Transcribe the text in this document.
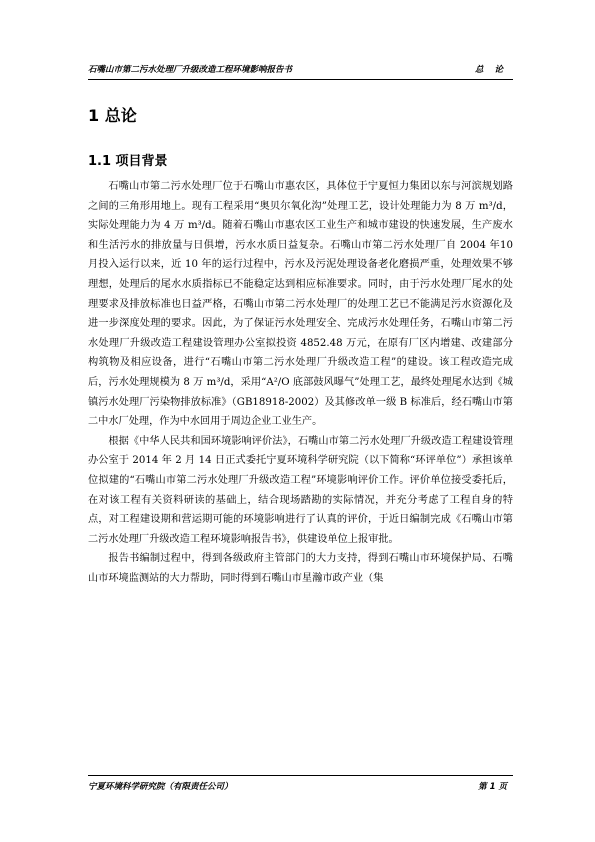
石嘴山市第二污水处理厂升级改造工程环境影响报告书	总 论
1 总论
1.1 项目背景

石嘴山市第二污水处理厂位于石嘴山市惠农区，具体位于宁夏恒力集团以东与河滨规划路之间的三角形用地上。现有工程采用“奥贝尔氧化沟”处理工艺，设计处理能力为 8 万 m³/d，实际处理能力为 4 万 m³/d。随着石嘴山市惠农区工业生产和城市建设的快速发展，生产废水和生活污水的排放量与日俱增，污水水质日益复杂。石嘴山市第二污水处理厂自 2004 年10 月投入运行以来，近 10 年的运行过程中，污水及污泥处理设备老化磨损严重，处理效果不够理想，处理后的尾水水质指标已不能稳定达到相应标准要求。同时，由于污水处理厂尾水的处理要求及排放标准也日益严格，石嘴山市第二污水处理厂的处理工艺已不能满足污水资源化及进一步深度处理的要求。因此，为了保证污水处理安全、完成污水处理任务，石嘴山市第二污水处理厂升级改造工程建设管理办公室拟投资 4852.48 万元，在原有厂区内增建、改建部分构筑物及相应设备，进行“石嘴山市第二污水处理厂升级改造工程”的建设。该工程改造完成后，污水处理规模为 8 万 m³/d，采用“A²/O 底部鼓风曝气”处理工艺，最终处理尾水达到《城镇污水处理厂污染物排放标准》（GB18918-2002）及其修改单一级 B 标准后，经石嘴山市第二中水厂处理，作为中水回用于周边企业工业生产。

根据《中华人民共和国环境影响评价法》，石嘴山市第二污水处理厂升级改造工程建设管理办公室于 2014 年 2 月 14 日正式委托宁夏环境科学研究院（以下简称“环评单位”）承担该单位拟建的“石嘴山市第二污水处理厂升级改造工程”环境影响评价工作。评价单位接受委托后，在对该工程有关资料研读的基础上，结合现场踏勘的实际情况，并充分考虑了工程自身的特点，对工程建设期和营运期可能的环境影响进行了认真的评价，于近日编制完成《石嘴山市第二污水处理厂升级改造工程环境影响报告书》，供建设单位上报审批。

报告书编制过程中，得到各级政府主管部门的大力支持，得到石嘴山市环境保护局、石嘴山市环境监测站的大力帮助，同时得到石嘴山市星瀚市政产业（集

宁夏环境科学研究院（有限责任公司）	第 1 页
